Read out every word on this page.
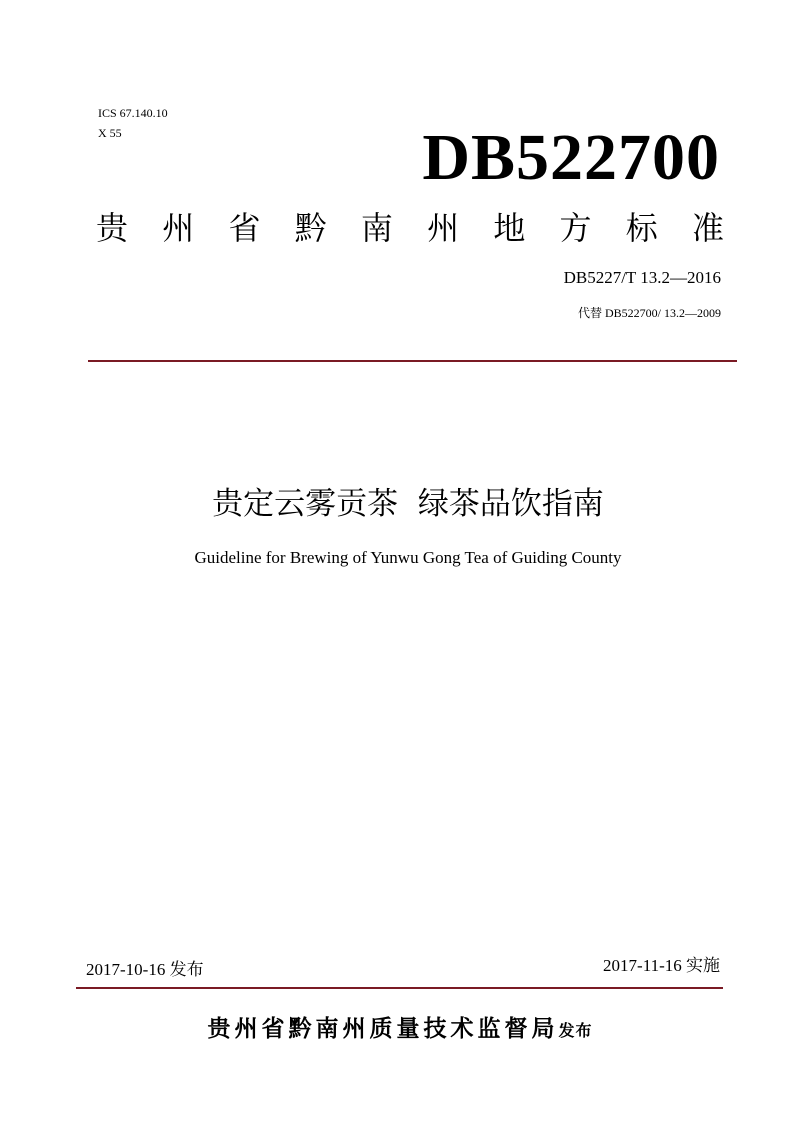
ICS 67.140.10
X 55	DB522700
贵 州 省 黔 南 州 地 方 标 准
DB5227/T 13.2—2016
代替 DB522700/ 13.2—2009
贵定云雾贡茶  绿茶品饮指南
Guideline for Brewing of Yunwu Gong Tea of Guiding County
2017-10-16 发布	2017-11-16 实施
贵州省黔南州质量技术监督局发布
